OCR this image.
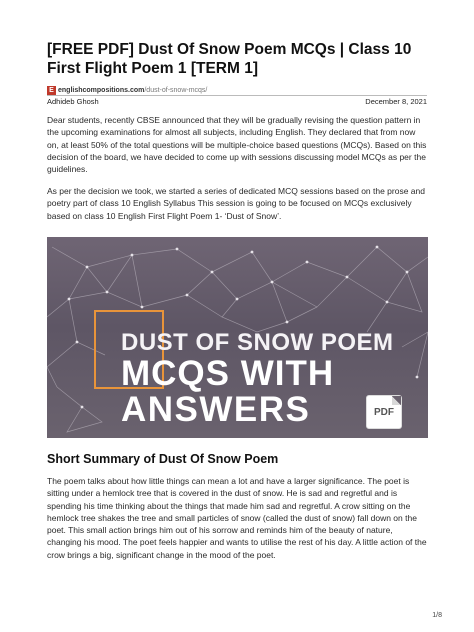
[FREE PDF] Dust Of Snow Poem MCQs | Class 10 First Flight Poem 1 [TERM 1]
E englishcompositions.com /dust-of-snow-mcqs/
Adhideb Ghosh	December 8, 2021

Dear students, recently CBSE announced that they will be gradually revising the question pattern in the upcoming examinations for almost all subjects, including English. They declared that from now on, at least 50% of the total questions will be multiple-choice based questions (MCQs). Based on this decision of the board, we have decided to come up with sessions discussing model MCQs as per the guidelines.

As per the decision we took, we started a series of dedicated MCQ sessions based on the prose and poetry part of class 10 English Syllabus This session is going to be focused on MCQs exclusively based on class 10 English First Flight Poem 1- ‘Dust of Snow’.

DUST OF SNOW POEM
MCQS WITH
ANSWERS	PDF
Short Summary of Dust Of Snow Poem

The poem talks about how little things can mean a lot and have a larger significance. The poet is sitting under a hemlock tree that is covered in the dust of snow. He is sad and regretful and is spending his time thinking about the things that made him sad and regretful. A crow sitting on the hemlock tree shakes the tree and small particles of snow (called the dust of snow) fall down on the poet. This small action brings him out of his sorrow and reminds him of the beauty of nature, changing his mood. The poet feels happier and wants to utilise the rest of his day. A little action of the crow brings a big, significant change in the mood of the poet.

1/8
